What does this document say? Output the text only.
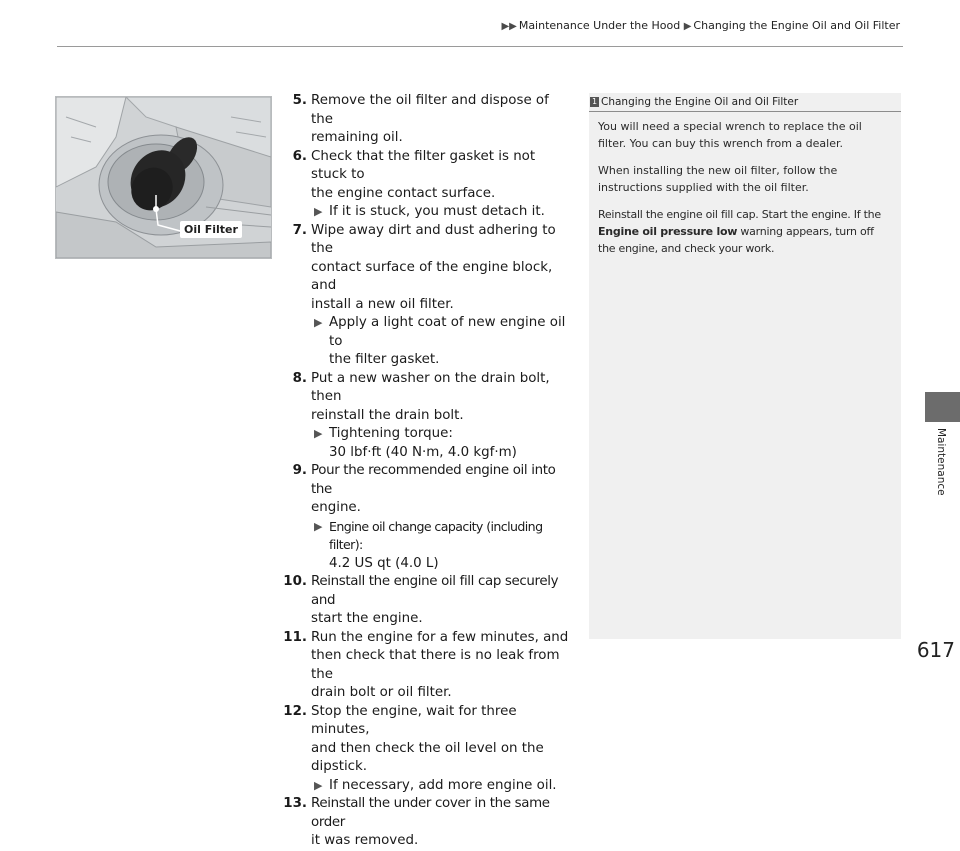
▶▶ Maintenance Under the Hood ▶ Changing the Engine Oil and Oil Filter
Oil Filter
5. Remove the oil filter and dispose of the
remaining oil.
6. Check that the filter gasket is not stuck to
the engine contact surface.
▶ If it is stuck, you must detach it.
7. Wipe away dirt and dust adhering to the
contact surface of the engine block, and
install a new oil filter.
▶ Apply a light coat of new engine oil to
the filter gasket.
8. Put a new washer on the drain bolt, then
reinstall the drain bolt.
▶ Tightening torque:
30 lbf·ft (40 N·m, 4.0 kgf·m)
9. Pour the recommended engine oil into the
engine.
▶ Engine oil change capacity (including filter):
4.2 US qt (4.0 L)
10. Reinstall the engine oil fill cap securely and
start the engine.
11. Run the engine for a few minutes, and
then check that there is no leak from the
drain bolt or oil filter.
12. Stop the engine, wait for three minutes,
and then check the oil level on the
dipstick.
▶ If necessary, add more engine oil.
13. Reinstall the under cover in the same order
it was removed.
1 Changing the Engine Oil and Oil Filter

You will need a special wrench to replace the oil
filter. You can buy this wrench from a dealer.

When installing the new oil filter, follow the
instructions supplied with the oil filter.

Reinstall the engine oil fill cap. Start the engine. If the
Engine oil pressure low warning appears, turn off
the engine, and check your work.

Maintenance
617
